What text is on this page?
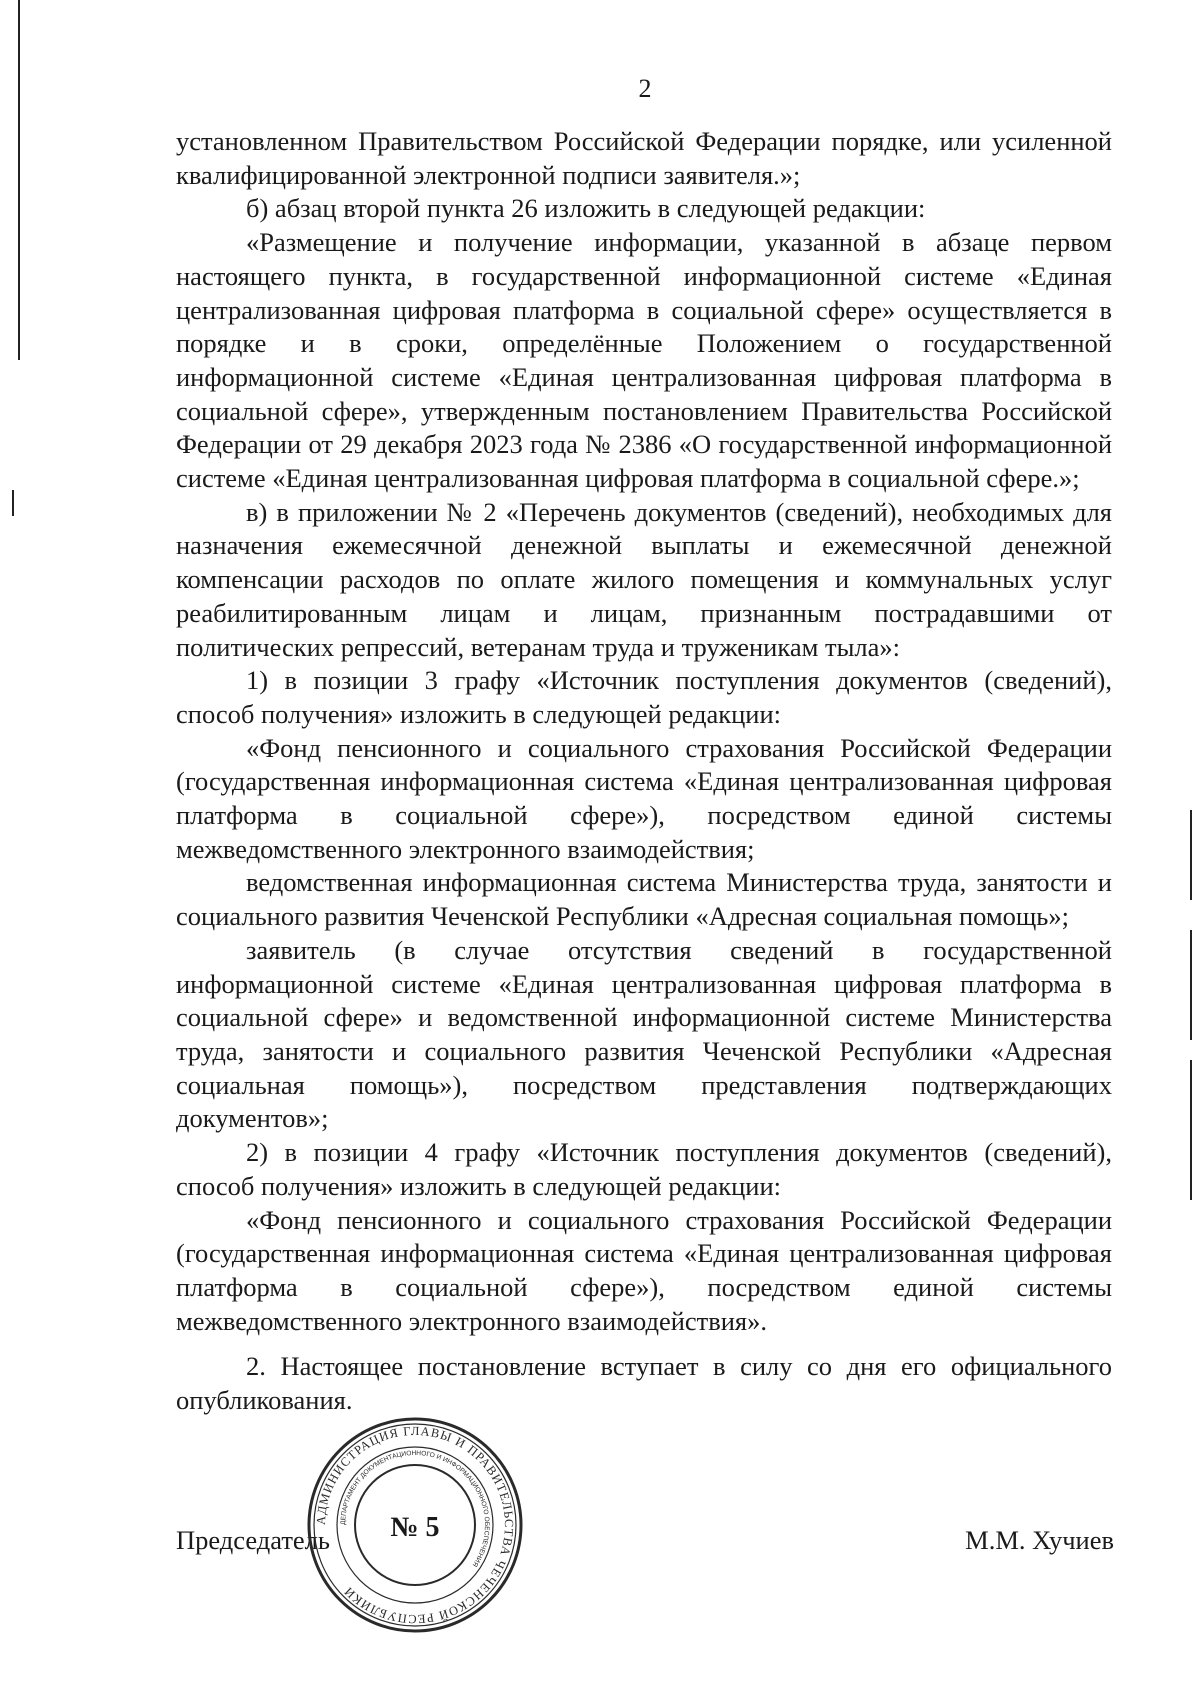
2

установленном Правительством Российской Федерации порядке, или усиленной квалифицированной электронной подписи заявителя.»;

б) абзац второй пункта 26 изложить в следующей редакции:

«Размещение и получение информации, указанной в абзаце первом настоящего пункта, в государственной информационной системе «Единая централизованная цифровая платформа в социальной сфере» осуществляется в порядке и в сроки, определённые Положением о государственной информационной системе «Единая централизованная цифровая платформа в социальной сфере», утвержденным постановлением Правительства Российской Федерации от 29 декабря 2023 года № 2386 «О государственной информационной системе «Единая централизованная цифровая платформа в социальной сфере.»;

в) в приложении № 2 «Перечень документов (сведений), необходимых для назначения ежемесячной денежной выплаты и ежемесячной денежной компенсации расходов по оплате жилого помещения и коммунальных услуг реабилитированным лицам и лицам, признанным пострадавшими от политических репрессий, ветеранам труда и труженикам тыла»:

1) в позиции 3 графу «Источник поступления документов (сведений), способ получения» изложить в следующей редакции:

«Фонд пенсионного и социального страхования Российской Федерации (государственная информационная система «Единая централизованная цифровая платформа в социальной сфере»), посредством единой системы межведомственного электронного взаимодействия;

ведомственная информационная система Министерства труда, занятости и социального развития Чеченской Республики «Адресная социальная помощь»;

заявитель (в случае отсутствия сведений в государственной информационной системе «Единая централизованная цифровая платформа в социальной сфере» и ведомственной информационной системе Министерства труда, занятости и социального развития Чеченской Республики «Адресная социальная помощь»), посредством представления подтверждающих документов»;

2) в позиции 4 графу «Источник поступления документов (сведений), способ получения» изложить в следующей редакции:

«Фонд пенсионного и социального страхования Российской Федерации (государственная информационная система «Единая централизованная цифровая платформа в социальной сфере»), посредством единой системы межведомственного электронного взаимодействия».

2. Настоящее постановление вступает в силу со дня его официального опубликования.

Председатель	М.М. Хучиев
АДМИНИСТРАЦИЯ ГЛАВЫ И ПРАВИТЕЛЬСТВА ЧЕЧЕНСКОЙ РЕСПУБЛИКИ
ДЕПАРТАМЕНТ ДОКУМЕНТАЦИОННОГО И ИНФОРМАЦИОННОГО ОБЕСПЕЧЕНИЯ
№ 5
